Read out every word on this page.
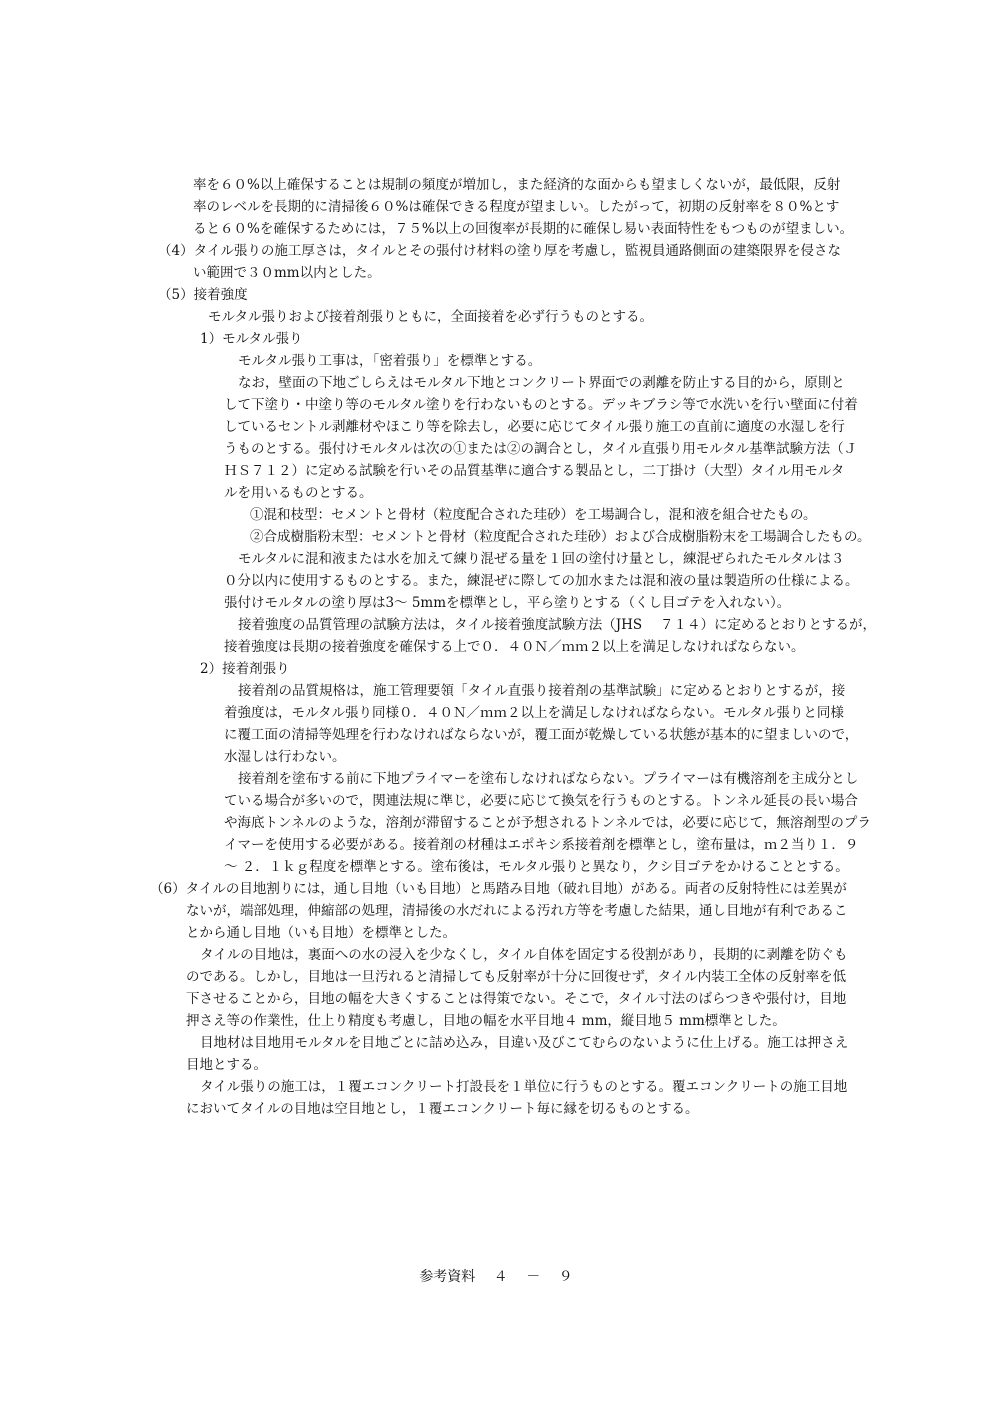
率を６０%以上確保することは規制の頻度が増加し，また経済的な面からも望ましくないが，最低限，反射
率のレベルを長期的に清掃後６０%は確保できる程度が望ましい。したがって，初期の反射率を８０%とす
ると６０%を確保するためには，７５%以上の回復率が長期的に確保し易い表面特性をもつものが望ましい。
（4）タイル張りの施工厚さは，タイルとその張付け材料の塗り厚を考慮し，監視員通路側面の建築限界を侵さな
い範囲で３０mm以内とした。
（5）接着強度
モルタル張りおよび接着剤張りともに，全面接着を必ず行うものとする。
1）モルタル張り
モルタル張り工事は，「密着張り」を標準とする。
なお，壁面の下地ごしらえはモルタル下地とコンクリート界面での剥離を防止する目的から，原則と
して下塗り・中塗り等のモルタル塗りを行わないものとする。デッキブラシ等で水洗いを行い壁面に付着
しているセントル剥離材やほこり等を除去し，必要に応じてタイル張り施工の直前に適度の水湿しを行
うものとする。張付けモルタルは次の①または②の調合とし，タイル直張り用モルタル基準試験方法（Ｊ
ＨＳ７１２）に定める試験を行いその品質基準に適合する製品とし，二丁掛け（大型）タイル用モルタ
ルを用いるものとする。
①混和枝型：セメントと骨材（粒度配合された珪砂）を工場調合し，混和液を組合せたもの。
②合成樹脂粉末型：セメントと骨材（粒度配合された珪砂）および合成樹脂粉末を工場調合したもの。
モルタルに混和液または水を加えて練り混ぜる量を１回の塗付け量とし，練混ぜられたモルタルは３
０分以内に使用するものとする。また，練混ぜに際しての加水または混和液の量は製造所の仕様による。
張付けモルタルの塗り厚は3～ 5mmを標準とし，平ら塗りとする（くし目ゴテを入れない）。
接着強度の品質管理の試験方法は，タイル接着強度試験方法（JHS　 ７１４）に定めるとおりとするが，
接着強度は長期の接着強度を確保する上で０．４０Ｎ／ｍｍ２以上を満足しなければならない。
2）接着剤張り
接着剤の品質規格は，施工管理要領「タイル直張り接着剤の基準試験」に定めるとおりとするが，接
着強度は，モルタル張り同様０．４０Ｎ／ｍｍ２以上を満足しなければならない。モルタル張りと同様
に覆工面の清掃等処理を行わなければならないが，覆工面が乾燥している状態が基本的に望ましいので，
水湿しは行わない。
接着剤を塗布する前に下地プライマーを塗布しなければならない。プライマーは有機溶剤を主成分とし
ている場合が多いので，関連法規に準じ，必要に応じて換気を行うものとする。トンネル延長の長い場合
や海底トンネルのような，溶剤が滞留することが予想されるトンネルでは，必要に応じて，無溶剤型のプラ
イマーを使用する必要がある。接着剤の材種はエポキシ系接着剤を標準とし，塗布量は，ｍ２当り１．９
～ ２．１ｋｇ程度を標準とする。塗布後は，モルタル張りと異なり，クシ目ゴテをかけることとする。
（6）タイルの目地割りには，通し目地（いも目地）と馬踏み目地（破れ目地）がある。両者の反射特性には差異が
ないが，端部処理，伸縮部の処理，清掃後の水だれによる汚れ方等を考慮した結果，通し目地が有利であるこ
とから通し目地（いも目地）を標準とした。
タイルの目地は，裏面への水の浸入を少なくし，タイル自体を固定する役割があり，長期的に剥離を防ぐも
のである。しかし，目地は一旦汚れると清掃しても反射率が十分に回復せず，タイル内装工全体の反射率を低
下させることから，目地の幅を大きくすることは得策でない。そこで，タイル寸法のばらつきや張付け，目地
押さえ等の作業性，仕上り精度も考慮し，目地の幅を水平目地４ mm，縦目地５ mm標準とした。
目地材は目地用モルタルを目地ごとに詰め込み，目違い及びこてむらのないように仕上げる。施工は押さえ
目地とする。
タイル張りの施工は，１覆エコンクリート打設長を１単位に行うものとする。覆エコンクリートの施工目地
においてタイルの目地は空目地とし，１覆エコンクリート毎に縁を切るものとする。
参考資料　 ４　 －　 ９
